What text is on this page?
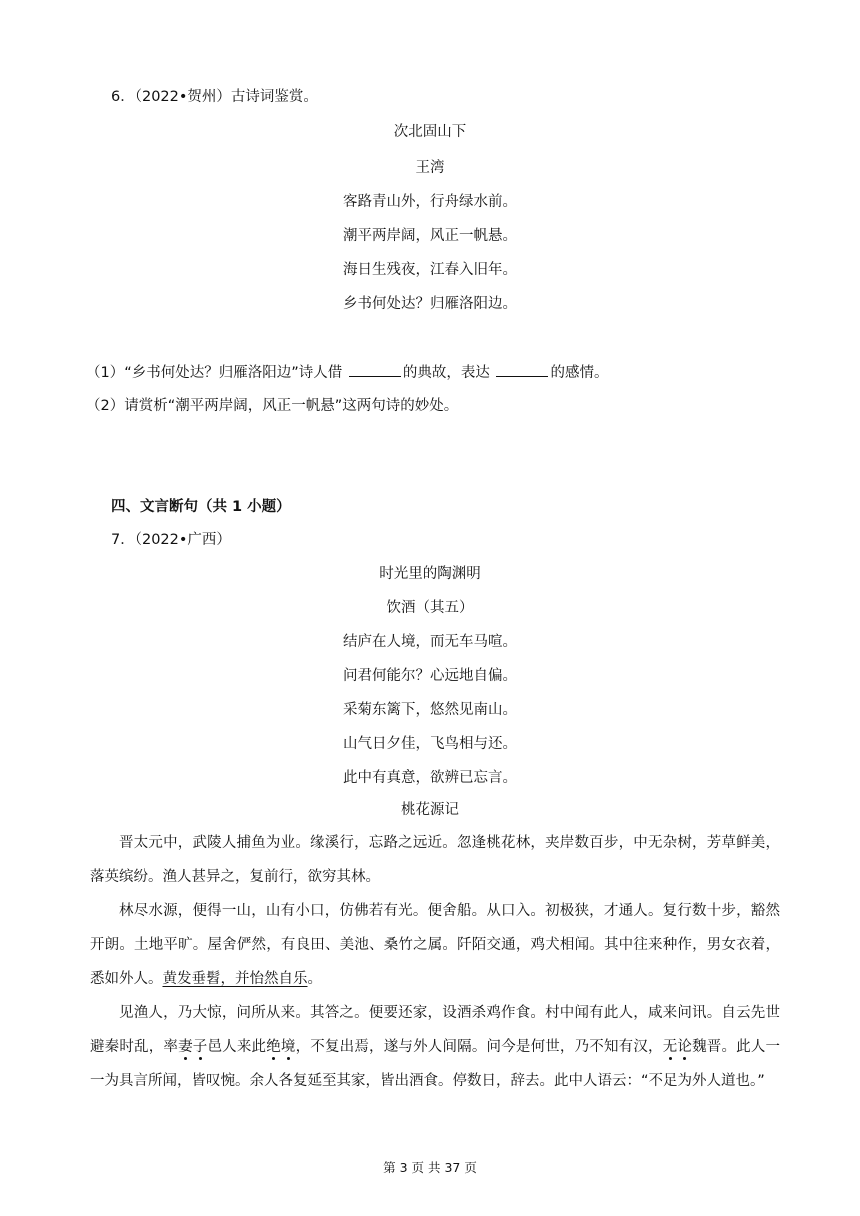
6．（2022•贺州）古诗词鉴赏。
次北固山下
王湾
客路青山外，行舟绿水前。
潮平两岸阔，风正一帆悬。
海日生残夜，江春入旧年。
乡书何处达？归雁洛阳边。
（1）“乡书何处达？归雁洛阳边”诗人借	的典故，表达	的感情。
（2）请赏析“潮平两岸阔，风正一帆悬”这两句诗的妙处。
四、文言断句（共 1 小题）
7．（2022•广西）
时光里的陶渊明
饮酒（其五）
结庐在人境，而无车马喧。
问君何能尔？心远地自偏。
采菊东篱下，悠然见南山。
山气日夕佳，飞鸟相与还。
此中有真意，欲辨已忘言。
桃花源记
晋太元中，武陵人捕鱼为业。缘溪行，忘路之远近。忽逢桃花林，夹岸数百步，中无杂树，芳草鲜美，落英缤纷。渔人甚异之，复前行，欲穷其林。
林尽水源，便得一山，山有小口，仿佛若有光。便舍船。从口入。初极狭，才通人。复行数十步，豁然开朗。土地平旷。屋舍俨然，有良田、美池、桑竹之属。阡陌交通，鸡犬相闻。其中往来种作，男女衣着，悉如外人。黄发垂髫，并怡然自乐。
见渔人，乃大惊，问所从来。其答之。便要还家，设酒杀鸡作食。村中闻有此人，咸来问讯。自云先世避秦时乱，率妻子邑人来此绝境，不复出焉，遂与外人间隔。问今是何世，乃不知有汉，无论魏晋。此人一一为具言所闻，皆叹惋。余人各复延至其家，皆出酒食。停数日，辞去。此中人语云：“不足为外人道也。”
第 3 页 共 37 页
